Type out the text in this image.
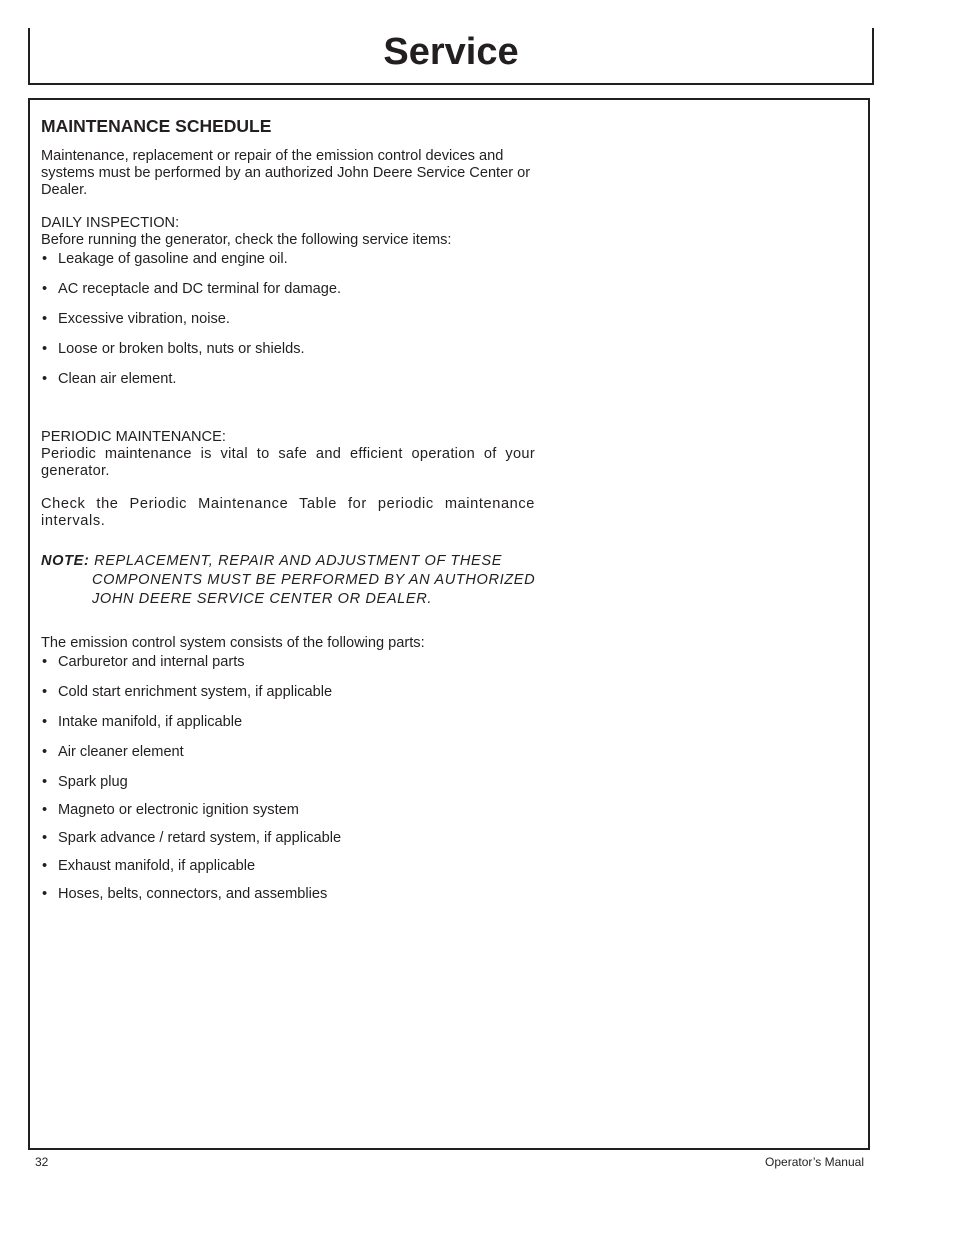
Service
MAINTENANCE SCHEDULE

Maintenance, replacement or repair of the emission control devices and systems must be performed by an authorized John Deere Service Center or Dealer.

DAILY INSPECTION:

Before running the generator, check the following service items:

• Leakage of gasoline and engine oil.
• AC receptacle and DC terminal for damage.
• Excessive vibration, noise.
• Loose or broken bolts, nuts or shields.
• Clean air element.

PERIODIC MAINTENANCE:

Periodic maintenance is vital to safe and efficient operation of your generator.

Check the Periodic Maintenance Table for periodic maintenance intervals.

NOTE: REPLACEMENT, REPAIR AND ADJUSTMENT OF THESE
COMPONENTS MUST BE PERFORMED BY AN AUTHORIZED
JOHN DEERE SERVICE CENTER OR DEALER.

The emission control system consists of the following parts:

• Carburetor and internal parts
• Cold start enrichment system, if applicable
• Intake manifold, if applicable
• Air cleaner element
• Spark plug
• Magneto or electronic ignition system
• Spark advance / retard system, if applicable
• Exhaust manifold, if applicable
• Hoses, belts, connectors, and assemblies
32	Operator’s Manual
